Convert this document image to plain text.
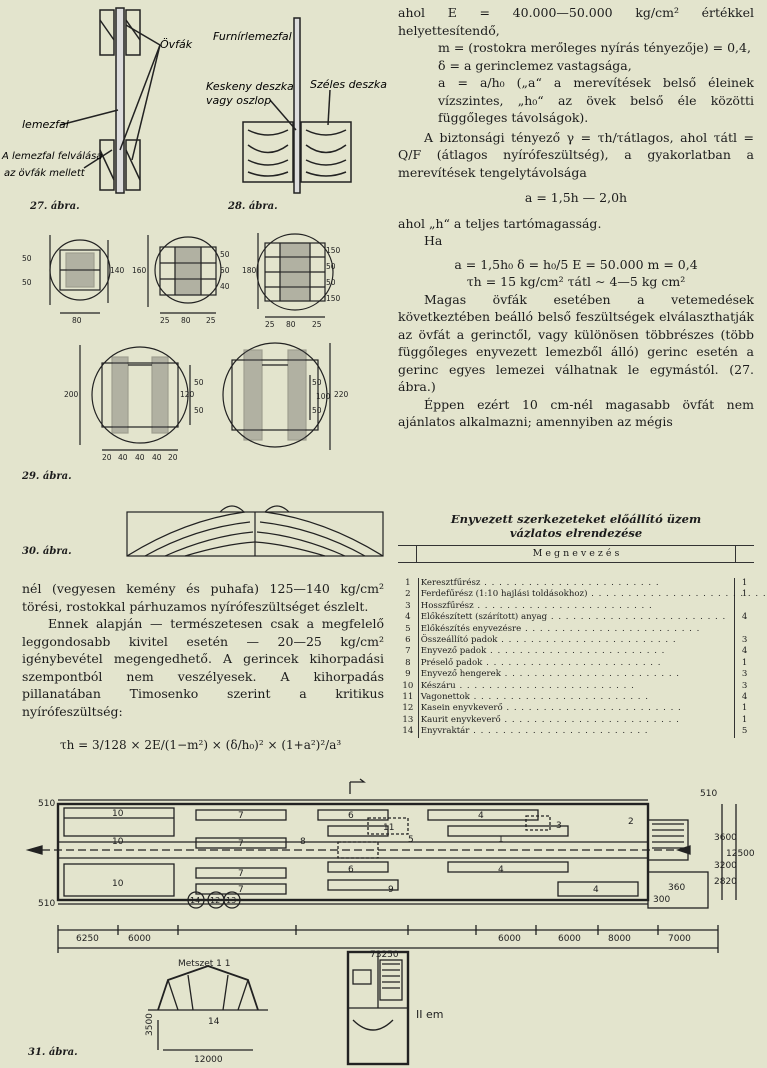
Övfák
lemezfal
A lemezfal felválása
az övfák mellett
27. ábra.
Furnírlemezfal
Keskeny deszka
vagy oszlop
Széles deszka
28. ábra.
50
50
140
80
160
50
50
40
25 80 25
180
150
50
50
150
25 80 25
200	120
50
50
20 40 40 40 20
220
50
50
100
29. ábra.
30. ábra.

nél (vegyesen kemény és puhafa) 125—140 kg/cm² törési, rostokkal párhuzamos nyírófeszültséget észlelt.

Ennek alapján — természetesen csak a megfelelő leggondosabb kivitel esetén — 20—25 kg/cm² igénybevétel megengedhető. A gerincek kihorpadási szempontból nem veszélyesek. A kihorpadás pillanatában Timosenko szerint a kritikus nyírófeszültség:

τh = 3/128 × 2E/(1−m²) × (δ/h₀)² × (1+a²)²/a³

ahol E = 40.000—50.000 kg/cm² értékkel helyettesítendő,

m = (rostokra merőleges nyírás tényezője) = 0,4,

δ = a gerinclemez vastagsága,

a = a/h₀ („a“ a merevítések belső éleinek vízszintes, „h₀“ az övek belső éle közötti függőleges távolságok).

A biztonsági tényező γ = τh/τátlagos, ahol τátl = Q/F (átlagos nyírófeszültség), a gyakorlatban a merevítések tengelytávolsága

a = 1,5h — 2,0h

ahol „h“ a teljes tartómagasság.

Ha

a = 1,5h₀ δ = h₀/5 E = 50.000 m = 0,4

τh = 15 kg/cm² τátl ∼ 4—5 kg cm²

Magas övfák esetében a vetemedések következtében beálló belső feszültségek elválaszthatják az övfát a gerinctől, vagy különösen többrészes (több függőleges enyvezett lemezből álló) gerinc esetén a gerinc egyes lemezei válhatnak le egymástól. (27. ábra.)

Éppen ezért 10 cm-nél magasabb övfát nem ajánlatos alkalmazni; amennyiben az mégis

Enyvezett szerkezeteket előállító üzem
vázlatos elrendezése
M e g n e v e z é s
1	Keresztfűrész . . .	1
2	Ferdefűrész (1:10 hajlási toldásokhoz) . . .	1
3	Hosszfűrész . . .	
4	Előkészített (szárított) anyag . . .	4
5	Előkészítés enyvezésre . . .	
6	Összeállító padok . . .	3
7	Enyvező padok . . .	4
8	Préselő padok . . .	1
9	Enyvező hengerek . . .	3
10	Készáru . . .	3
11	Vagonettok . . .	4
12	Kasein enyvkeverő . . .	1
13	Kaurit enyvkeverő . . .	1
14	Enyvraktár . . .	5
510
510
510
3600
3200
12500
360
300
2820
6250	6000	6000	6000	8000	7000
73250
10
10
10
7
7
7
7
6
11
5
6
4
1
4
4
3
8
9
2
14 12 13
Metszet 1 1
3500
12000
14
II em
31. ábra.
